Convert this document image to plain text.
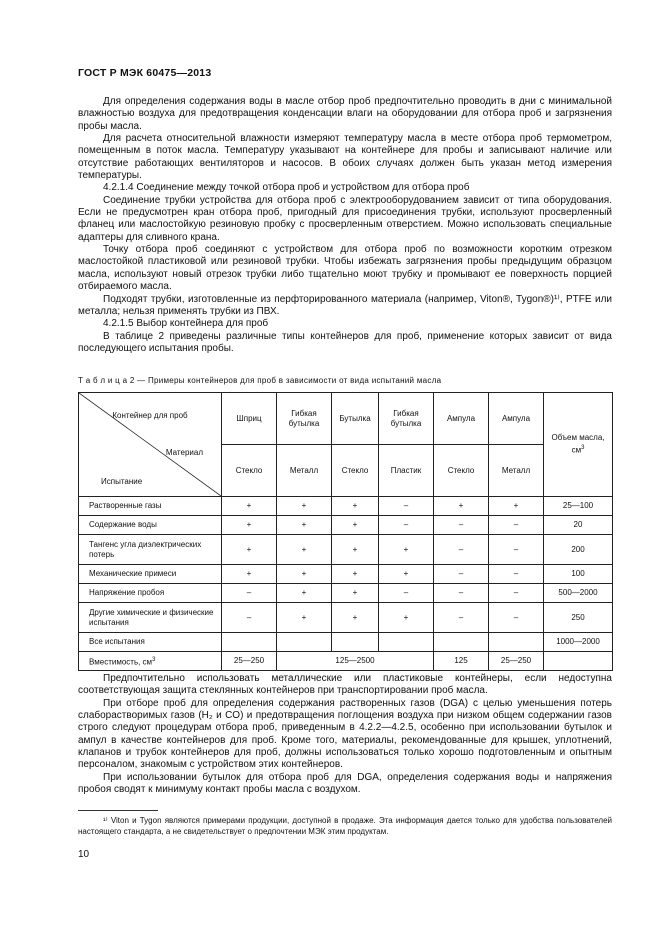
ГОСТ Р МЭК 60475—2013

Для определения содержания воды в масле отбор проб предпочтительно проводить в дни с минимальной влажностью воздуха для предотвращения конденсации влаги на оборудовании для отбора проб и загрязнения пробы масла.

Для расчета относительной влажности измеряют температуру масла в месте отбора проб термометром, помещенным в поток масла. Температуру указывают на контейнере для пробы и записывают наличие или отсутствие работающих вентиляторов и насосов. В обоих случаях должен быть указан метод измерения температуры.

4.2.1.4 Соединение между точкой отбора проб и устройством для отбора проб

Соединение трубки устройства для отбора проб с электрооборудованием зависит от типа оборудования. Если не предусмотрен кран отбора проб, пригодный для присоединения трубки, используют просверленный фланец или маслостойкую резиновую пробку с просверленным отверстием. Можно использовать специальные адаптеры для сливного крана.

Точку отбора проб соединяют с устройством для отбора проб по возможности коротким отрезком маслостойкой пластиковой или резиновой трубки. Чтобы избежать загрязнения пробы предыдущим образцом масла, используют новый отрезок трубки либо тщательно моют трубку и промывают ее поверхность порцией отбираемого масла.

Подходят трубки, изготовленные из перфторированного материала (например, Viton®, Tygon®)¹⁾, PTFE или металла; нельзя применять трубки из ПВХ.

4.2.1.5 Выбор контейнера для проб

В таблице 2 приведены различные типы контейнеров для проб, применение которых зависит от вида последующего испытания пробы.

Т а б л и ц а 2 — Примеры контейнеров для проб в зависимости от вида испытаний масла
Контейнер для проб
Материал
Испытание	Шприц	Гибкая бутылка	Бутылка	Гибкая бутылка	Ампула	Ампула	Объем масла, $см^3$
	Стекло	Металл	Стекло	Пластик	Стекло	Металл	
Растворенные газы	+	+	+	–	+	+	25—100
Содержание воды	+	+	+	–	–	–	20
Тангенс угла диэлектрических потерь	+	+	+	+	–	–	200
Механические примеси	+	+	+	+	–	–	100
Напряжение пробоя	–	+	+	–	–	–	500—2000
Другие химические и физические испытания	–	+	+	+	–	–	250
Все испытания							1000—2000
Вместимость, $см^3$	25—250	125—2500			125	25—250	

Предпочтительно использовать металлические или пластиковые контейнеры, если недоступна соответствующая защита стеклянных контейнеров при транспортировании проб масла.

При отборе проб для определения содержания растворенных газов (DGA) с целью уменьшения потерь слаборастворимых газов (H₂ и CO) и предотвращения поглощения воздуха при низком общем содержании газов строго следуют процедурам отбора проб, приведенным в 4.2.2—4.2.5, особенно при использовании бутылок и ампул в качестве контейнеров для проб. Кроме того, материалы, рекомендованные для крышек, уплотнений, клапанов и трубок контейнеров для проб, должны использоваться только хорошо подготовленным и опытным персоналом, знакомым с устройством этих контейнеров.

При использовании бутылок для отбора проб для DGA, определения содержания воды и напряжения пробоя сводят к минимуму контакт пробы масла с воздухом.

¹⁾ Viton и Tygon являются примерами продукции, доступной в продаже. Эта информация дается только для удобства пользователей настоящего стандарта, а не свидетельствует о предпочтении МЭК этим продуктам.

10
